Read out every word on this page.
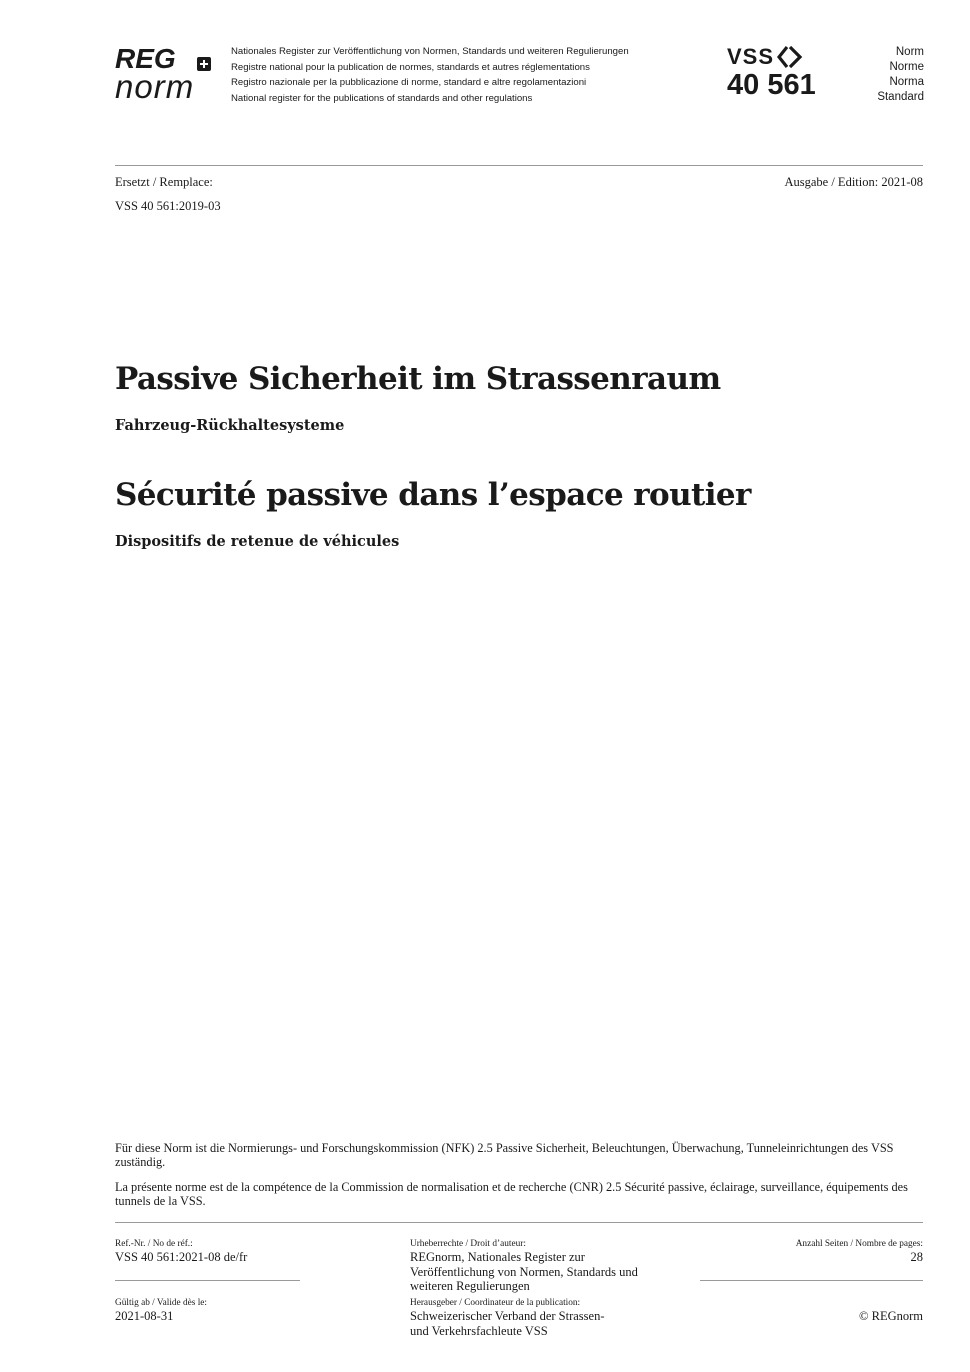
REG
norm
Nationales Register zur Veröffentlichung von Normen, Standards und weiteren Regulierungen
Registre national pour la publication de normes, standards et autres réglementations
Registro nazionale per la pubblicazione di norme, standard e altre regolamentazioni
National register for the publications of standards and other regulations
VSS
40 561
Norm
Norme
Norma
Standard
Ersetzt / Remplace:	Ausgabe / Edition: 2021-08
VSS 40 561:2019-03
Passive Sicherheit im Strassenraum
Fahrzeug-Rückhaltesysteme
Sécurité passive dans l’espace routier
Dispositifs de retenue de véhicules
Für diese Norm ist die Normierungs- und Forschungskommission (NFK) 2.5 Passive Sicherheit, Beleuchtungen, Überwachung, Tunneleinrichtungen des VSS zuständig.
La présente norme est de la compétence de la Commission de normalisation et de recherche (CNR) 2.5 Sécurité passive, éclairage, surveillance, équipements des tunnels de la VSS.
Ref.-Nr. / No de réf.:
VSS 40 561:2021-08 de/fr
Gültig ab / Valide dès le:
2021-08-31
Urheberrechte / Droit d’auteur:
REGnorm, Nationales Register zur Veröffentlichung von Normen, Standards und weiteren Regulierungen
Herausgeber / Coordinateur de la publication:
Schweizerischer Verband der Strassen- und Verkehrsfachleute VSS
Anzahl Seiten / Nombre de pages:
28
© REGnorm
